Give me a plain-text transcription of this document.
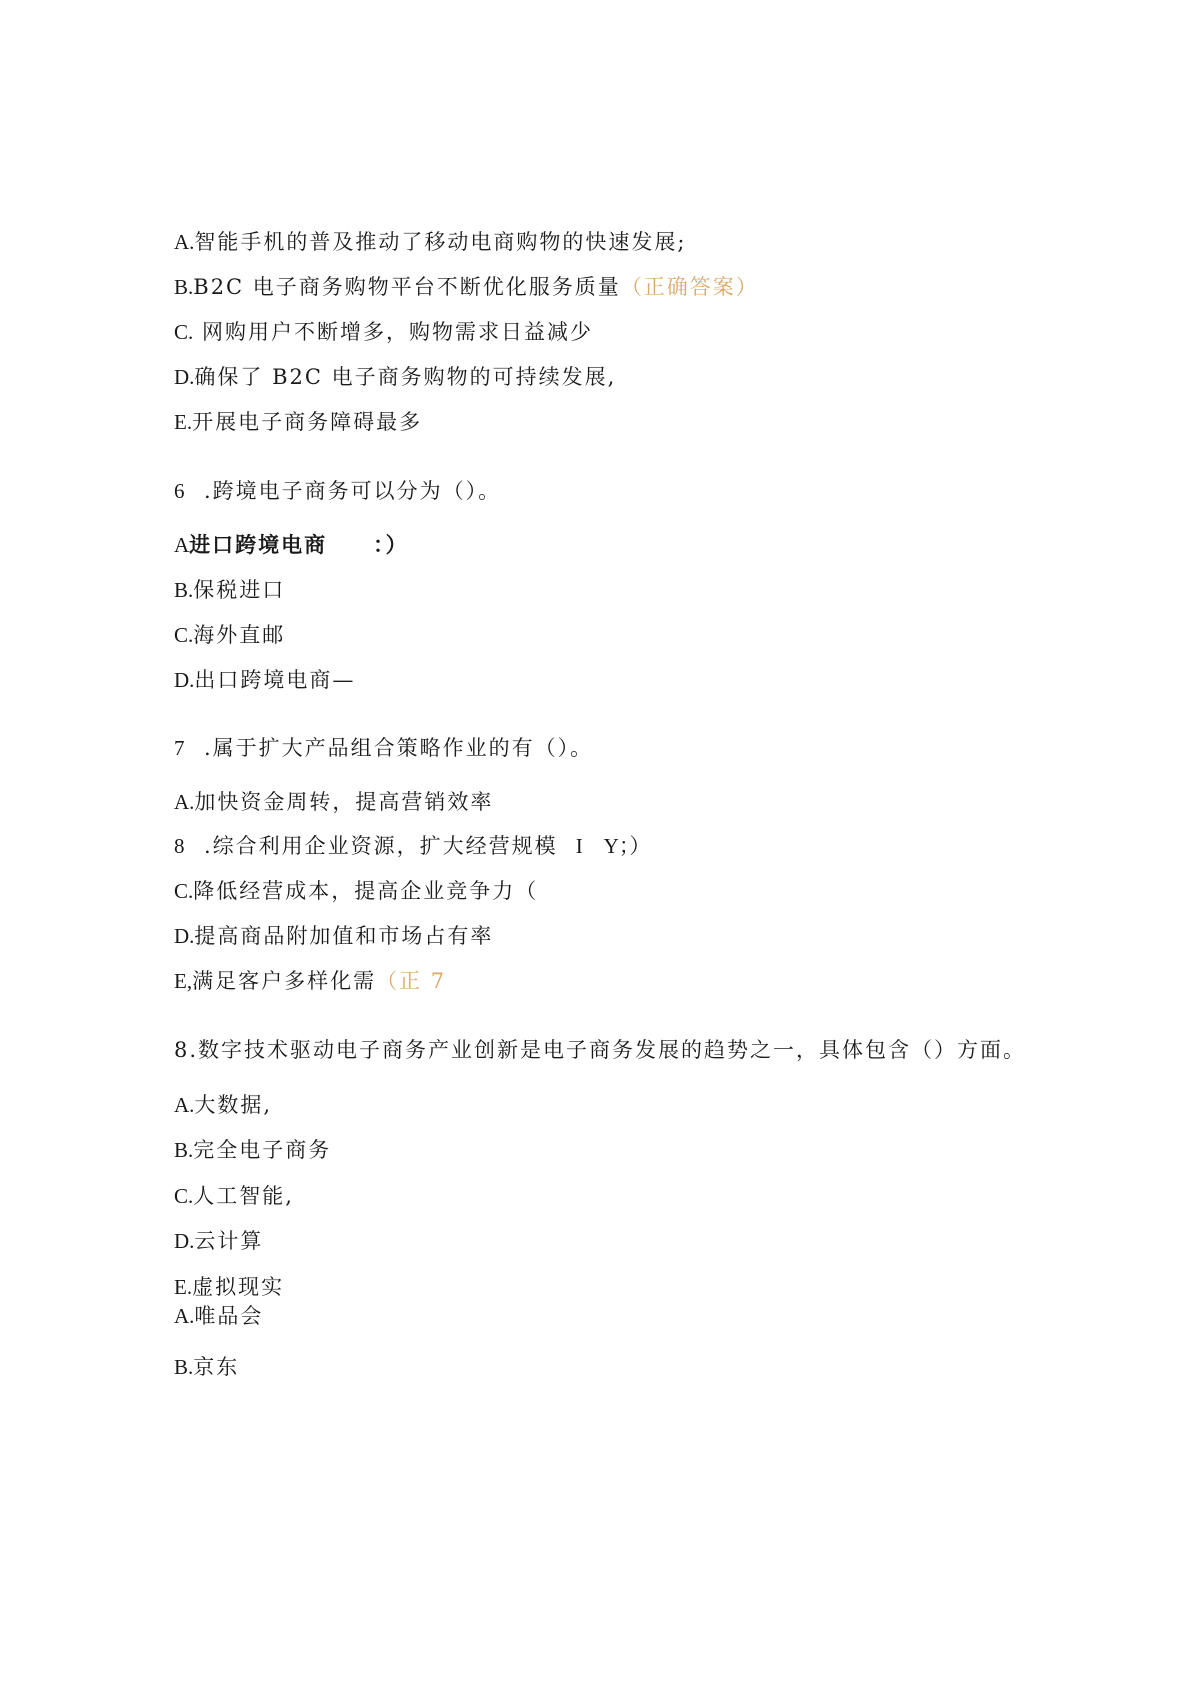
A.智能手机的普及推动了移动电商购物的快速发展;
B.B2C 电子商务购物平台不断优化服务质量（正确答案）
C. 网购用户不断增多，购物需求日益减少
D.确保了 B2C 电子商务购物的可持续发展,
E.开展电子商务障碍最多
6 .跨境电子商务可以分为（）。
A进口跨境电商 ：）
B.保税进口
C.海外直邮
D.出口跨境电商—
7 .属于扩大产品组合策略作业的有（）。
A.加快资金周转，提高营销效率
8 .综合利用企业资源，扩大经营规模 I　Y；）
C.降低经营成本，提高企业竞争力（
D.提高商品附加值和市场占有率
E,满足客户多样化需（正 7
8.数字技术驱动电子商务产业创新是电子商务发展的趋势之一，具体包含（）方面。
A.大数据,
B.完全电子商务
C.人工智能,
D.云计算
E.虚拟现实
A.唯品会
B.京东
